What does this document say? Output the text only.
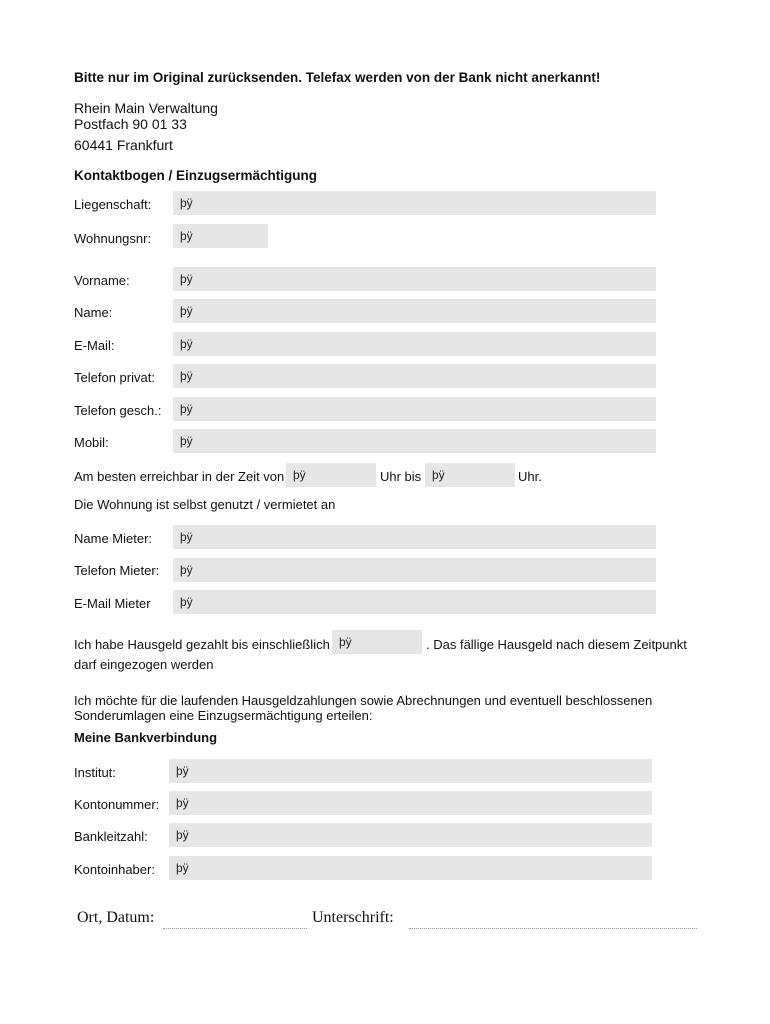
Bitte nur im Original zurücksenden. Telefax werden von der Bank nicht anerkannt!
Rhein Main Verwaltung
Postfach 90 01 33
60441 Frankfurt
Kontaktbogen / Einzugsermächtigung
Liegenschaft:	þÿ
Wohnungsnr:	þÿ
Vorname:	þÿ
Name:	þÿ
E-Mail:	þÿ
Telefon privat:	þÿ
Telefon gesch.:	þÿ
Mobil:	þÿ
Am besten erreichbar in der Zeit von þÿ	Uhr bis þÿ	Uhr.
Die Wohnung ist selbst genutzt / vermietet an
Name Mieter:	þÿ
Telefon Mieter:	þÿ
E-Mail Mieter	þÿ
Ich habe Hausgeld gezahlt bis einschließlich þÿ	. Das fällige Hausgeld nach diesem Zeitpunkt
darf eingezogen werden
Ich möchte für die laufenden Hausgeldzahlungen sowie Abrechnungen und eventuell beschlossenen
Sonderumlagen eine Einzugsermächtigung erteilen:
Meine Bankverbindung
Institut:	þÿ
Kontonummer:	þÿ
Bankleitzahl:	þÿ
Kontoinhaber:	þÿ
Ort, Datum:	Unterschrift:
